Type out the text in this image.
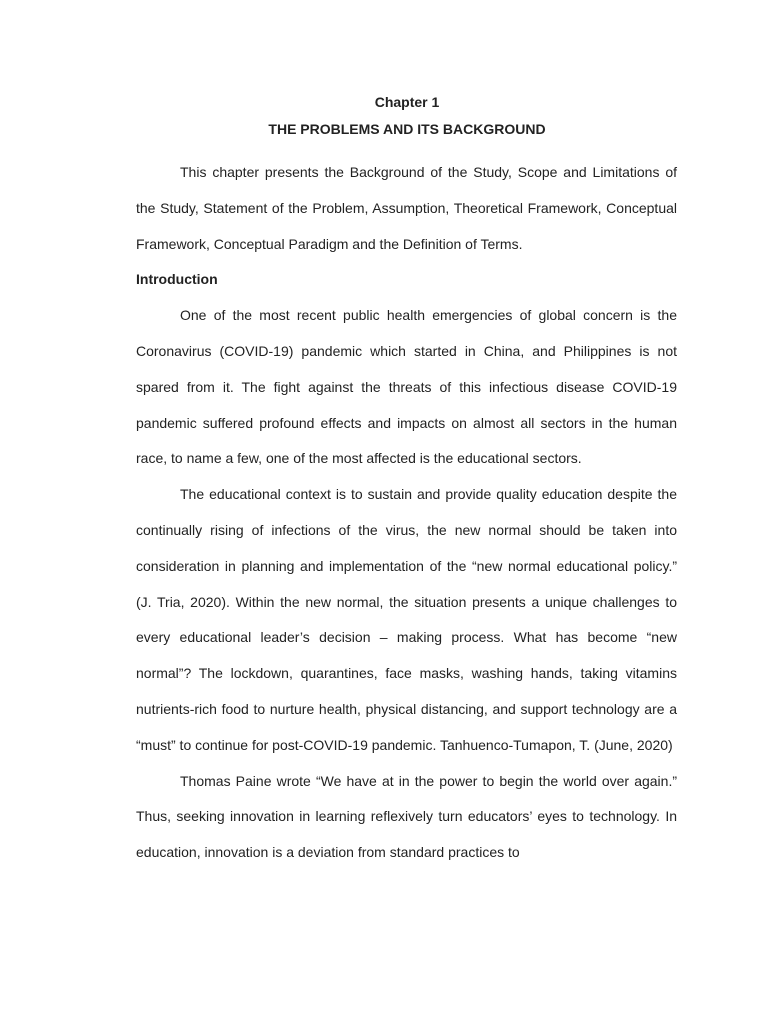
Chapter 1
THE PROBLEMS AND ITS BACKGROUND

This chapter presents the Background of the Study, Scope and Limitations of the Study, Statement of the Problem, Assumption, Theoretical Framework, Conceptual Framework, Conceptual Paradigm and the Definition of Terms.

Introduction

One of the most recent public health emergencies of global concern is the Coronavirus (COVID-19) pandemic which started in China, and Philippines is not spared from it. The fight against the threats of this infectious disease COVID-19 pandemic suffered profound effects and impacts on almost all sectors in the human race, to name a few, one of the most affected is the educational sectors.

The educational context is to sustain and provide quality education despite the continually rising of infections of the virus, the new normal should be taken into consideration in planning and implementation of the “new normal educational policy.” (J. Tria, 2020). Within the new normal, the situation presents a unique challenges to every educational leader’s decision – making process. What has become “new normal”? The lockdown, quarantines, face masks, washing hands, taking vitamins nutrients-rich food to nurture health, physical distancing, and support technology are a “must” to continue for post-COVID-19 pandemic. Tanhuenco-Tumapon, T. (June, 2020)

Thomas Paine wrote “We have at in the power to begin the world over again.” Thus, seeking innovation in learning reflexively turn educators’ eyes to technology. In education, innovation is a deviation from standard practices to
